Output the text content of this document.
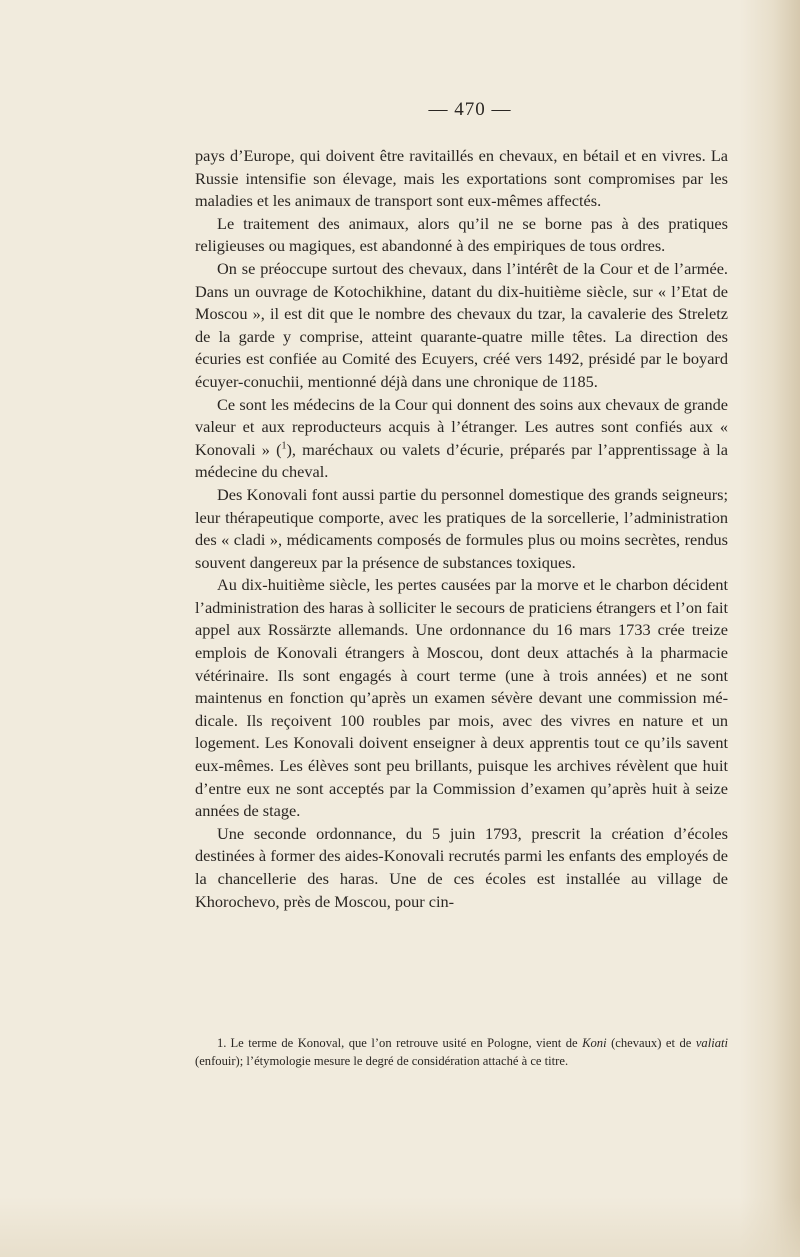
— 470 —

pays d’Europe, qui doivent être ravitaillés en chevaux, en bétail et en vivres. La Russie intensifie son élevage, mais les exportations sont compromises par les maladies et les animaux de transport sont eux-mêmes affectés.

Le traitement des animaux, alors qu’il ne se borne pas à des pratiques religieuses ou magiques, est abandonné à des empiriques de tous ordres.

On se préoccupe surtout des chevaux, dans l’intérêt de la Cour et de l’armée. Dans un ouvrage de Kotochikhine, datant du dix-huitième siècle, sur « l’Etat de Moscou », il est dit que le nombre des chevaux du tzar, la cavalerie des Streletz de la garde y comprise, atteint quarante-quatre mille têtes. La direction des écuries est confiée au Comité des Ecuyers, créé vers 1492, présidé par le boyard écuyer-conuchii, mentionné déjà dans une chronique de 1185.

Ce sont les médecins de la Cour qui donnent des soins aux chevaux de grande valeur et aux reproducteurs acquis à l’étranger. Les autres sont confiés aux « Konovali » ($^1$), maréchaux ou valets d’écurie, préparés par l’apprentissage à la médecine du cheval.

Des Konovali font aussi partie du personnel domestique des grands seigneurs; leur thérapeutique comporte, avec les pratiques de la sorcellerie, l’administration des « cladi », médicaments composés de formules plus ou moins secrètes, rendus souvent dangereux par la présence de substances toxiques.

Au dix-huitième siècle, les pertes causées par la morve et le charbon décident l’administration des haras à solliciter le secours de praticiens étrangers et l’on fait appel aux Rossärzte allemands. Une ordonnance du 16 mars 1733 crée treize emplois de Konovali étrangers à Moscou, dont deux attachés à la pharmacie vétérinaire. Ils sont engagés à court terme (une à trois années) et ne sont maintenus en fonction qu’après un examen sévère devant une commission médicale. Ils reçoivent 100 roubles par mois, avec des vivres en nature et un logement. Les Konovali doivent enseigner à deux apprentis tout ce qu’ils savent eux-mêmes. Les élèves sont peu brillants, puisque les archives révèlent que huit d’entre eux ne sont acceptés par la Commission d’examen qu’après huit à seize années de stage.

Une seconde ordonnance, du 5 juin 1793, prescrit la création d’écoles destinées à former des aides-Konovali recrutés parmi les enfants des employés de la chancellerie des haras. Une de ces écoles est installée au village de Khorochevo, près de Moscou, pour cin-

1. Le terme de Konoval, que l’on retrouve usité en Pologne, vient de Koni (chevaux) et de valiati (enfouir); l’étymologie mesure le degré de considération attaché à ce titre.
